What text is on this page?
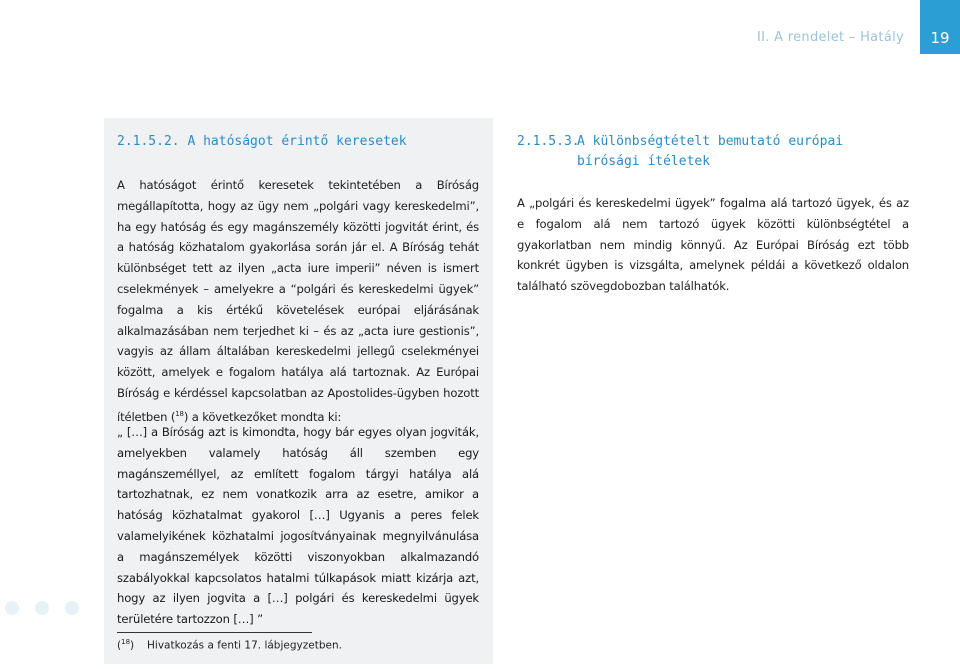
II. A rendelet – Hatály	19
2.1.5.2. A hatóságot érintő keresetek
A hatóságot érintő keresetek tekintetében a Bíróság megállapította, hogy az ügy nem „polgári vagy kereskedelmi”, ha egy hatóság és egy magánszemély közötti jogvitát érint, és a hatóság közhatalom gyakorlása során jár el. A Bíróság tehát különbséget tett az ilyen „acta iure imperii” néven is ismert cselekmények – amelyekre a “polgári és kereskedelmi ügyek” fogalma a kis értékű követelések európai eljárásának alkalmazásában nem terjedhet ki – és az „acta iure gestionis”, vagyis az állam általában kereskedelmi jellegű cselekményei között, amelyek e fogalom hatálya alá tartoznak. Az Európai Bíróság e kérdéssel kapcsolatban az Apostolides-ügyben hozott ítéletben ($^{18}$) a következőket mondta ki:
„ […] a Bíróság azt is kimondta, hogy bár egyes olyan jogviták, amelyekben valamely hatóság áll szemben egy magánszeméllyel, az említett fogalom tárgyi hatálya alá tartozhatnak, ez nem vonatkozik arra az esetre, amikor a hatóság közhatalmat gyakorol […] Ugyanis a peres felek valamelyikének közhatalmi jogosítványainak megnyilvánulása a magánszemélyek közötti viszonyokban alkalmazandó szabályokkal kapcsolatos hatalmi túlkapások miatt kizárja azt, hogy az ilyen jogvita a […] polgári és kereskedelmi ügyek területére tartozzon […] ”
($^{18}$) Hivatkozás a fenti 17. lábjegyzetben.
2.1.5.3.A különbségtételt bemutató európai
bírósági ítéletek
A „polgári és kereskedelmi ügyek” fogalma alá tartozó ügyek, és az e fogalom alá nem tartozó ügyek közötti különbségtétel a gyakorlatban nem mindig könnyű. Az Európai Bíróság ezt több konkrét ügyben is vizsgálta, amelynek példái a következő oldalon található szövegdobozban találhatók.
